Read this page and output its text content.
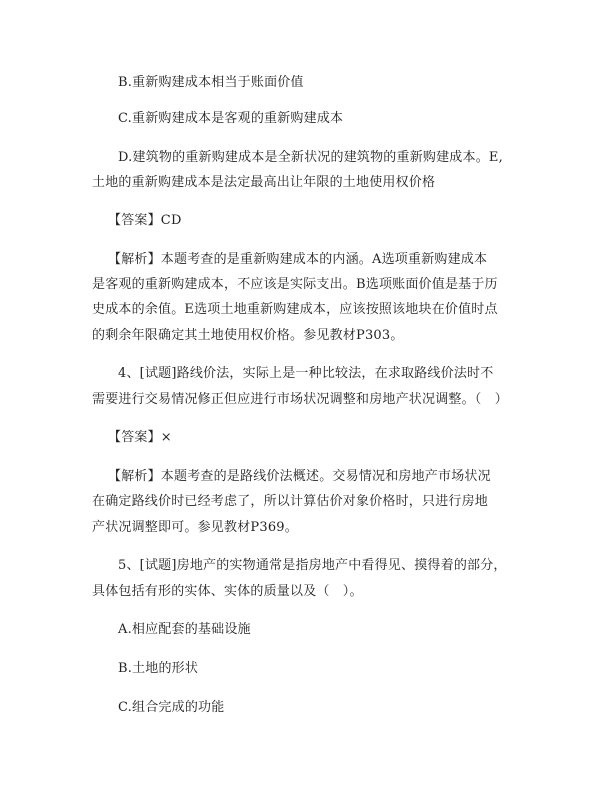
B.重新购建成本相当于账面价值

C.重新购建成本是客观的重新购建成本

D.建筑物的重新购建成本是全新状况的建筑物的重新购建成本。E,

土地的重新购建成本是法定最高出让年限的土地使用权价格

【答案】CD

【解析】本题考查的是重新购建成本的内涵。A选项重新购建成本

是客观的重新购建成本，不应该是实际支出。B选项账面价值是基于历

史成本的余值。E选项土地重新购建成本，应该按照该地块在价值时点

的剩余年限确定其土地使用权价格。参见教材P303。

4、[试题]路线价法，实际上是一种比较法，在求取路线价法时不

需要进行交易情况修正但应进行市场状况调整和房地产状况调整。（　）

【答案】×

【解析】本题考查的是路线价法概述。交易情况和房地产市场状况

在确定路线价时已经考虑了，所以计算估价对象价格时，只进行房地

产状况调整即可。参见教材P369。

5、[试题]房地产的实物通常是指房地产中看得见、摸得着的部分，

具体包括有形的实体、实体的质量以及（　）。

A.相应配套的基础设施

B.土地的形状

C.组合完成的功能
